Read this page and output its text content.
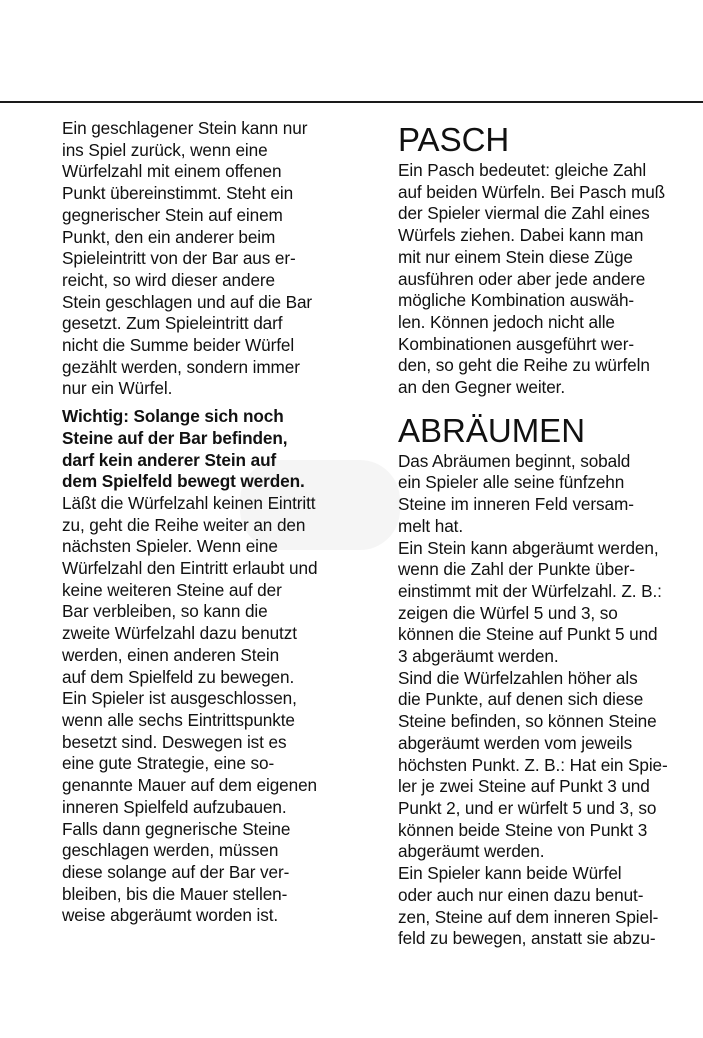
Ein geschlagener Stein kann nur
ins Spiel zurück, wenn eine
Würfelzahl mit einem offenen
Punkt übereinstimmt. Steht ein
gegnerischer Stein auf einem
Punkt, den ein anderer beim
Spieleintritt von der Bar aus er-
reicht, so wird dieser andere
Stein geschlagen und auf die Bar
gesetzt. Zum Spieleintritt darf
nicht die Summe beider Würfel
gezählt werden, sondern immer
nur ein Würfel.

Wichtig: Solange sich noch
Steine auf der Bar befinden,
darf kein anderer Stein auf
dem Spielfeld bewegt werden.

Läßt die Würfelzahl keinen Eintritt
zu, geht die Reihe weiter an den
nächsten Spieler. Wenn eine
Würfelzahl den Eintritt erlaubt und
keine weiteren Steine auf der
Bar verbleiben, so kann die
zweite Würfelzahl dazu benutzt
werden, einen anderen Stein
auf dem Spielfeld zu bewegen.
Ein Spieler ist ausgeschlossen,
wenn alle sechs Eintrittspunkte
besetzt sind. Deswegen ist es
eine gute Strategie, eine so-
genannte Mauer auf dem eigenen
inneren Spielfeld aufzubauen.
Falls dann gegnerische Steine
geschlagen werden, müssen
diese solange auf der Bar ver-
bleiben, bis die Mauer stellen-
weise abgeräumt worden ist.

PASCH

Ein Pasch bedeutet: gleiche Zahl
auf beiden Würfeln. Bei Pasch muß
der Spieler viermal die Zahl eines
Würfels ziehen. Dabei kann man
mit nur einem Stein diese Züge
ausführen oder aber jede andere
mögliche Kombination auswäh-
len. Können jedoch nicht alle
Kombinationen ausgeführt wer-
den, so geht die Reihe zu würfeln
an den Gegner weiter.

ABRÄUMEN

Das Abräumen beginnt, sobald
ein Spieler alle seine fünfzehn
Steine im inneren Feld versam-
melt hat.

Ein Stein kann abgeräumt werden,
wenn die Zahl der Punkte über-
einstimmt mit der Würfelzahl. Z. B.:
zeigen die Würfel 5 und 3, so
können die Steine auf Punkt 5 und
3 abgeräumt werden.

Sind die Würfelzahlen höher als
die Punkte, auf denen sich diese
Steine befinden, so können Steine
abgeräumt werden vom jeweils
höchsten Punkt. Z. B.: Hat ein Spie-
ler je zwei Steine auf Punkt 3 und
Punkt 2, und er würfelt 5 und 3, so
können beide Steine von Punkt 3
abgeräumt werden.

Ein Spieler kann beide Würfel
oder auch nur einen dazu benut-
zen, Steine auf dem inneren Spiel-
feld zu bewegen, anstatt sie abzu-
